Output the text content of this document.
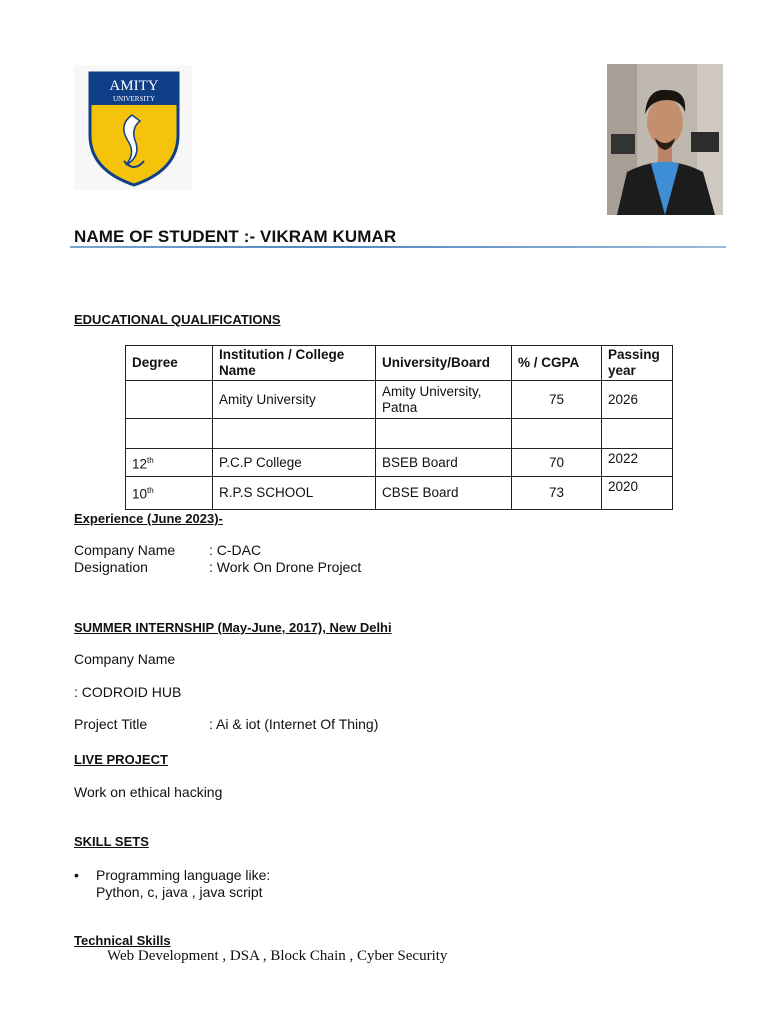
AMITY
UNIVERSITY
NAME OF STUDENT :- VIKRAM KUMAR
EDUCATIONAL QUALIFICATIONS
Degree	Institution / College Name	University/Board	% / CGPA	Passing year
	Amity University	Amity University, Patna	75	2026

12th	P.C.P College	BSEB Board	70	2022
10th	R.P.S SCHOOL	CBSE Board	73	2020
Experience (June 2023)-
Company Name : C-DAC
Designation	: Work On Drone Project
SUMMER INTERNSHIP (May-June, 2017), New Delhi
Company Name
: CODROID HUB
Project Title	: Ai & iot (Internet Of Thing)
LIVE PROJECT
Work on ethical hacking
SKILL SETS
• Programming language like:
Python, c, java , java script
Technical Skills
Web Development , DSA , Block Chain , Cyber Security
